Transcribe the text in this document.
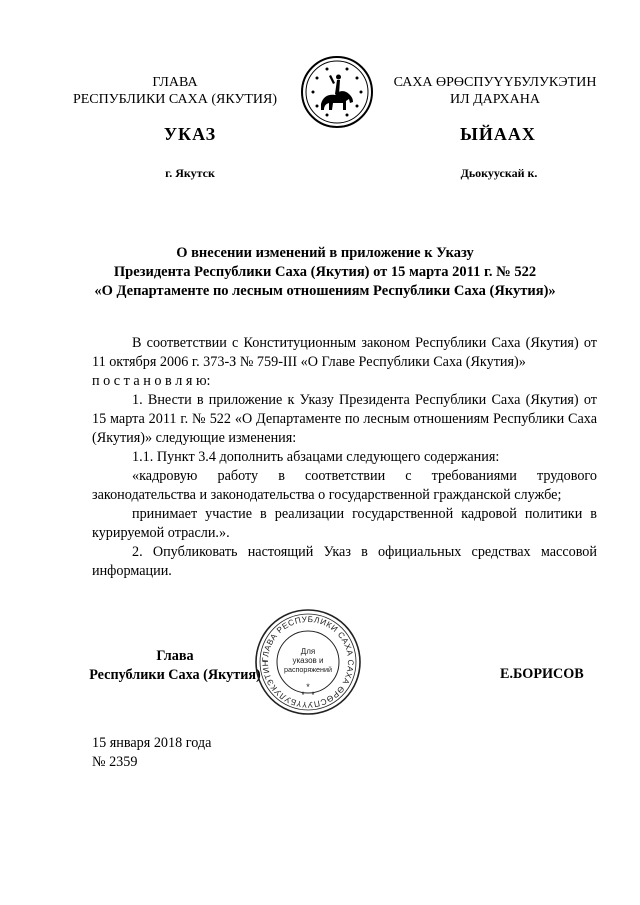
ГЛАВА
РЕСПУБЛИКИ САХА (ЯКУТИЯ)
САХА ӨРӨСПУҮҮБУЛУКЭТИН
ИЛ ДАРХАНА
УКАЗ	ЫЙААХ
г. Якутск	Дьокуускай к.
О внесении изменений в приложение к Указу
Президента Республики Саха (Якутия) от 15 марта 2011 г. № 522
«О Департаменте по лесным отношениям Республики Саха (Якутия)»
В соответствии с Конституционным законом Республики Саха (Якутия) от 11 октября 2006 г. 373-З № 759-III «О Главе Республики Саха (Якутия)»
п о с т а н о в л я ю:
1. Внести в приложение к Указу Президента Республики Саха (Якутия) от 15 марта 2011 г. № 522 «О Департаменте по лесным отношениям Республики Саха (Якутия)» следующие изменения:
1.1. Пункт 3.4 дополнить абзацами следующего содержания:
«кадровую работу в соответствии с требованиями трудового законодательства и законодательства о государственной гражданской службе;
принимает участие в реализации государственной кадровой политики в курируемой отрасли.».
2. Опубликовать настоящий Указ в официальных средствах массовой информации.
Глава
Республики Саха (Якутия)	Е.БОРИСОВ
ГЛАВА РЕСПУБЛИКИ САХА САХА ӨРӨСПУҮҮБУЛУКЭТИН
Для
указов и
распоряжений
* *
*
15 января 2018 года
№ 2359
